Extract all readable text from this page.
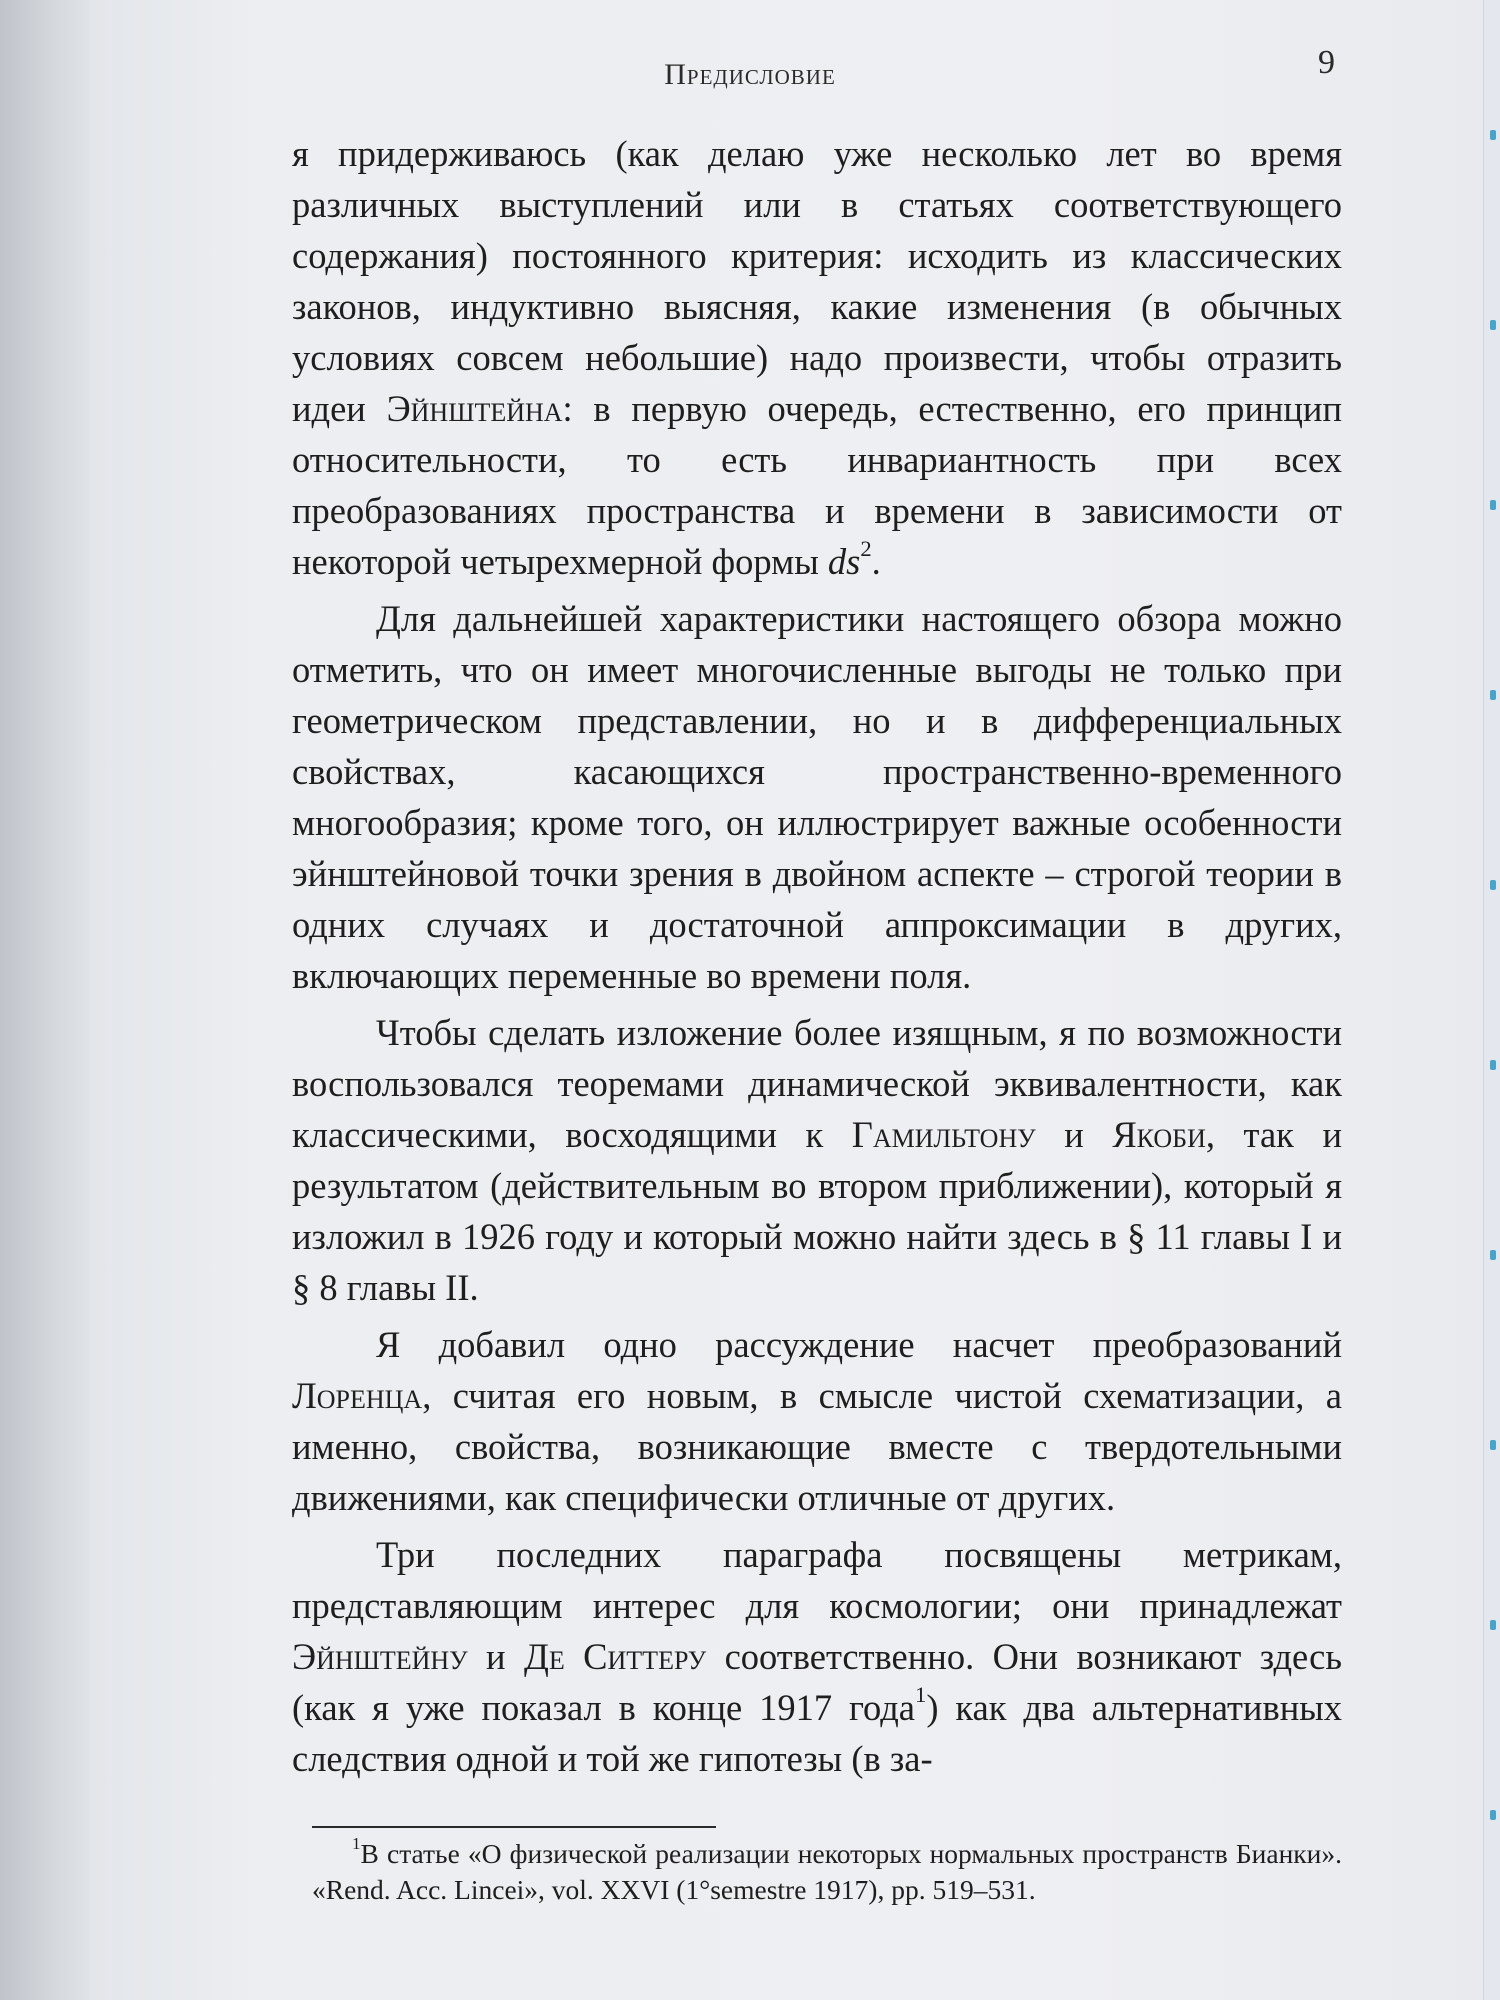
Предисловие	9

я придерживаюсь (как делаю уже несколько лет во время различных выступлений или в статьях соответствующего содержания) постоянного критерия: исходить из классических законов, индуктивно выясняя, какие изменения (в обычных условиях совсем небольшие) надо произвести, чтобы отразить идеи Эйнштейна: в первую очередь, естественно, его принцип относительности, то есть инвариантность при всех преобразованиях пространства и времени в зависимости от некоторой четырехмерной формы $ds^2$.

Для дальнейшей характеристики настоящего обзора можно отметить, что он имеет многочисленные выгоды не только при геометрическом представлении, но и в дифференциальных свойствах, касающихся пространственно-временного многообразия; кроме того, он иллюстрирует важные особенности эйнштейновой точки зрения в двойном аспекте – строгой теории в одних случаях и достаточной аппроксимации в других, включающих переменные во времени поля.

Чтобы сделать изложение более изящным, я по возможности воспользовался теоремами динамической эквивалентности, как классическими, восходящими к Гамильтону и Якоби, так и результатом (действительным во втором приближении), который я изложил в 1926 году и который можно найти здесь в § 11 главы I и § 8 главы II.

Я добавил одно рассуждение насчет преобразований Лоренца, считая его новым, в смысле чистой схематизации, а именно, свойства, возникающие вместе с твердотельными движениями, как специфически отличные от других.

Три последних параграфа посвящены метрикам, представляющим интерес для космологии; они принадлежат Эйнштейну и Де Ситтеру соответственно. Они возникают здесь (как я уже показал в конце 1917 года$^1$) как два альтернативных следствия одной и той же гипотезы (в за-

$^1$В статье «О физической реализации некоторых нормальных пространств Бианки». «Rend. Acc. Lincei», vol. XXVI (1°semestre 1917), pp. 519–531.
